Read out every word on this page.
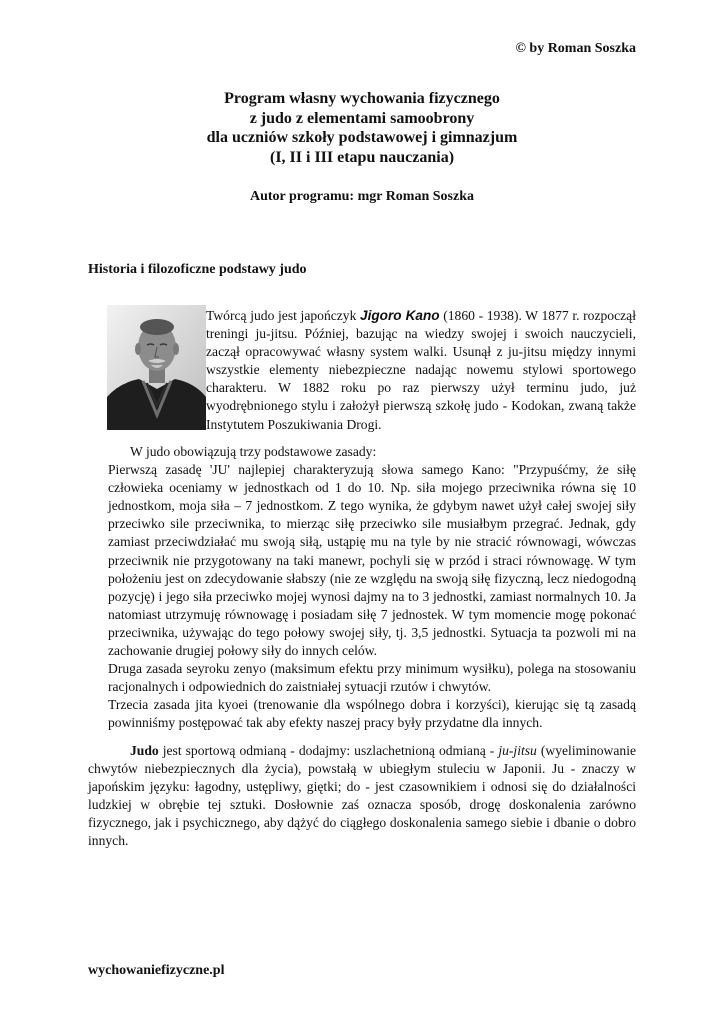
© by Roman Soszka
Program własny wychowania fizycznego
z judo z elementami samoobrony
dla uczniów szkoły podstawowej i gimnazjum
(I, II i III etapu nauczania)
Autor programu: mgr Roman Soszka
Historia i filozoficzne podstawy judo
Twórcą judo jest japończyk Jigoro Kano (1860 - 1938). W 1877 r. rozpoczął treningi ju-jitsu. Później, bazując na wiedzy swojej i swoich nauczycieli, zaczął opracowywać własny system walki. Usunął z ju-jitsu między innymi wszystkie elementy niebezpieczne nadając nowemu stylowi sportowego charakteru. W 1882 roku po raz pierwszy użył terminu judo, już wyodrębnionego stylu i założył pierwszą szkołę judo - Kodokan, zwaną także Instytutem Poszukiwania Drogi.
W judo obowiązują trzy podstawowe zasady:
Pierwszą zasadę 'JU' najlepiej charakteryzują słowa samego Kano: "Przypuśćmy, że siłę człowieka oceniamy w jednostkach od 1 do 10. Np. siła mojego przeciwnika równa się 10 jednostkom, moja siła – 7 jednostkom. Z tego wynika, że gdybym nawet użył całej swojej siły przeciwko sile przeciwnika, to mierząc siłę przeciwko sile musiałbym przegrać. Jednak, gdy zamiast przeciwdziałać mu swoją siłą, ustąpię mu na tyle by nie stracić równowagi, wówczas przeciwnik nie przygotowany na taki manewr, pochyli się w przód i straci równowagę. W tym położeniu jest on zdecydowanie słabszy (nie ze względu na swoją siłę fizyczną, lecz niedogodną pozycję) i jego siła przeciwko mojej wynosi dajmy na to 3 jednostki, zamiast normalnych 10. Ja natomiast utrzymuję równowagę i posiadam siłę 7 jednostek. W tym momencie mogę pokonać przeciwnika, używając do tego połowy swojej siły, tj. 3,5 jednostki. Sytuacja ta pozwoli mi na zachowanie drugiej połowy siły do innych celów.
Druga zasada seyroku zenyo (maksimum efektu przy minimum wysiłku), polega na stosowaniu racjonalnych i odpowiednich do zaistniałej sytuacji rzutów i chwytów.
Trzecia zasada jita kyoei (trenowanie dla wspólnego dobra i korzyści), kierując się tą zasadą powinniśmy postępować tak aby efekty naszej pracy były przydatne dla innych.
Judo jest sportową odmianą - dodajmy: uszlachetnioną odmianą - ju-jitsu (wyeliminowanie chwytów niebezpiecznych dla życia), powstałą w ubiegłym stuleciu w Japonii. Ju - znaczy w japońskim języku: łagodny, ustępliwy, giętki; do - jest czasownikiem i odnosi się do działalności ludzkiej w obrębie tej sztuki. Dosłownie zaś oznacza sposób, drogę doskonalenia zarówno fizycznego, jak i psychicznego, aby dążyć do ciągłego doskonalenia samego siebie i dbanie o dobro innych.
wychowaniefizyczne.pl
